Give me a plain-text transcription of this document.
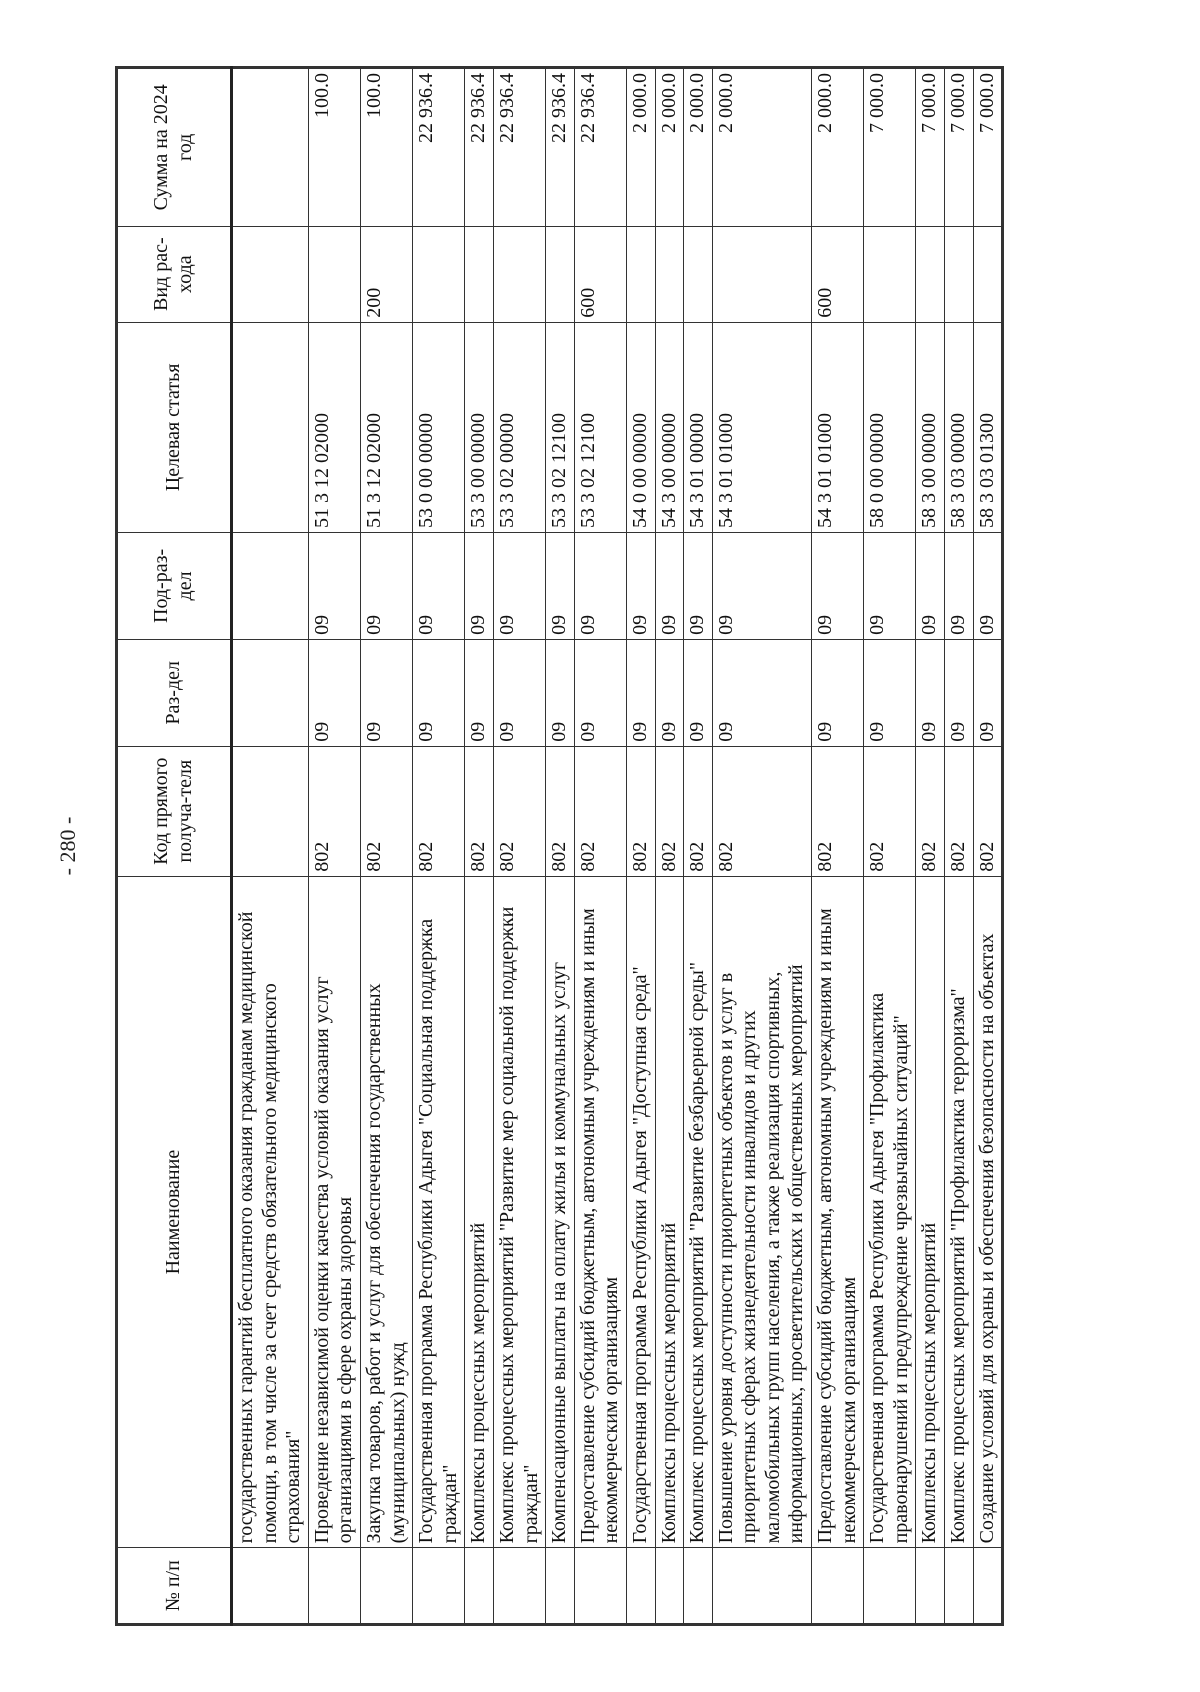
- 280 -
№ п/п	Наименование	Код прямого получа-теля	Раз-дел	Под-раз-дел	Целевая статья	Вид рас-хода	Сумма на 2024 год
	государственных гарантий бесплатного оказания гражданам медицинской помощи, в том числе за счет средств обязательного медицинского страхования"						
	Проведение независимой оценки качества условий оказания услуг организациями в сфере охраны здоровья	802	09	09	51 3 12 02000		100.0
	Закупка товаров, работ и услуг для обеспечения государственных (муниципальных) нужд	802	09	09	51 3 12 02000	200	100.0
	Государственная программа Республики Адыгея "Социальная поддержка граждан"	802	09	09	53 0 00 00000		22 936.4
	Комплексы процессных мероприятий	802	09	09	53 3 00 00000		22 936.4
	Комплекс процессных мероприятий "Развитие мер социальной поддержки граждан"	802	09	09	53 3 02 00000		22 936.4
	Компенсационные выплаты на оплату жилья и коммунальных услуг	802	09	09	53 3 02 12100		22 936.4
	Предоставление субсидий бюджетным, автономным учреждениям и иным некоммерческим организациям	802	09	09	53 3 02 12100	600	22 936.4
	Государственная программа Республики Адыгея "Доступная среда"	802	09	09	54 0 00 00000		2 000.0
	Комплексы процессных мероприятий	802	09	09	54 3 00 00000		2 000.0
	Комплекс процессных мероприятий "Развитие безбарьерной среды"	802	09	09	54 3 01 00000		2 000.0
	Повышение уровня доступности приоритетных объектов и услуг в приоритетных сферах жизнедеятельности инвалидов и других маломобильных групп населения, а также реализация спортивных, информационных, просветительских и общественных мероприятий	802	09	09	54 3 01 01000		2 000.0
	Предоставление субсидий бюджетным, автономным учреждениям и иным некоммерческим организациям	802	09	09	54 3 01 01000	600	2 000.0
	Государственная программа Республики Адыгея "Профилактика правонарушений и предупреждение чрезвычайных ситуаций"	802	09	09	58 0 00 00000		7 000.0
	Комплексы процессных мероприятий	802	09	09	58 3 00 00000		7 000.0
	Комплекс процессных мероприятий "Профилактика терроризма"	802	09	09	58 3 03 00000		7 000.0
	Создание условий для охраны и обеспечения безопасности на объектах	802	09	09	58 3 03 01300		7 000.0
